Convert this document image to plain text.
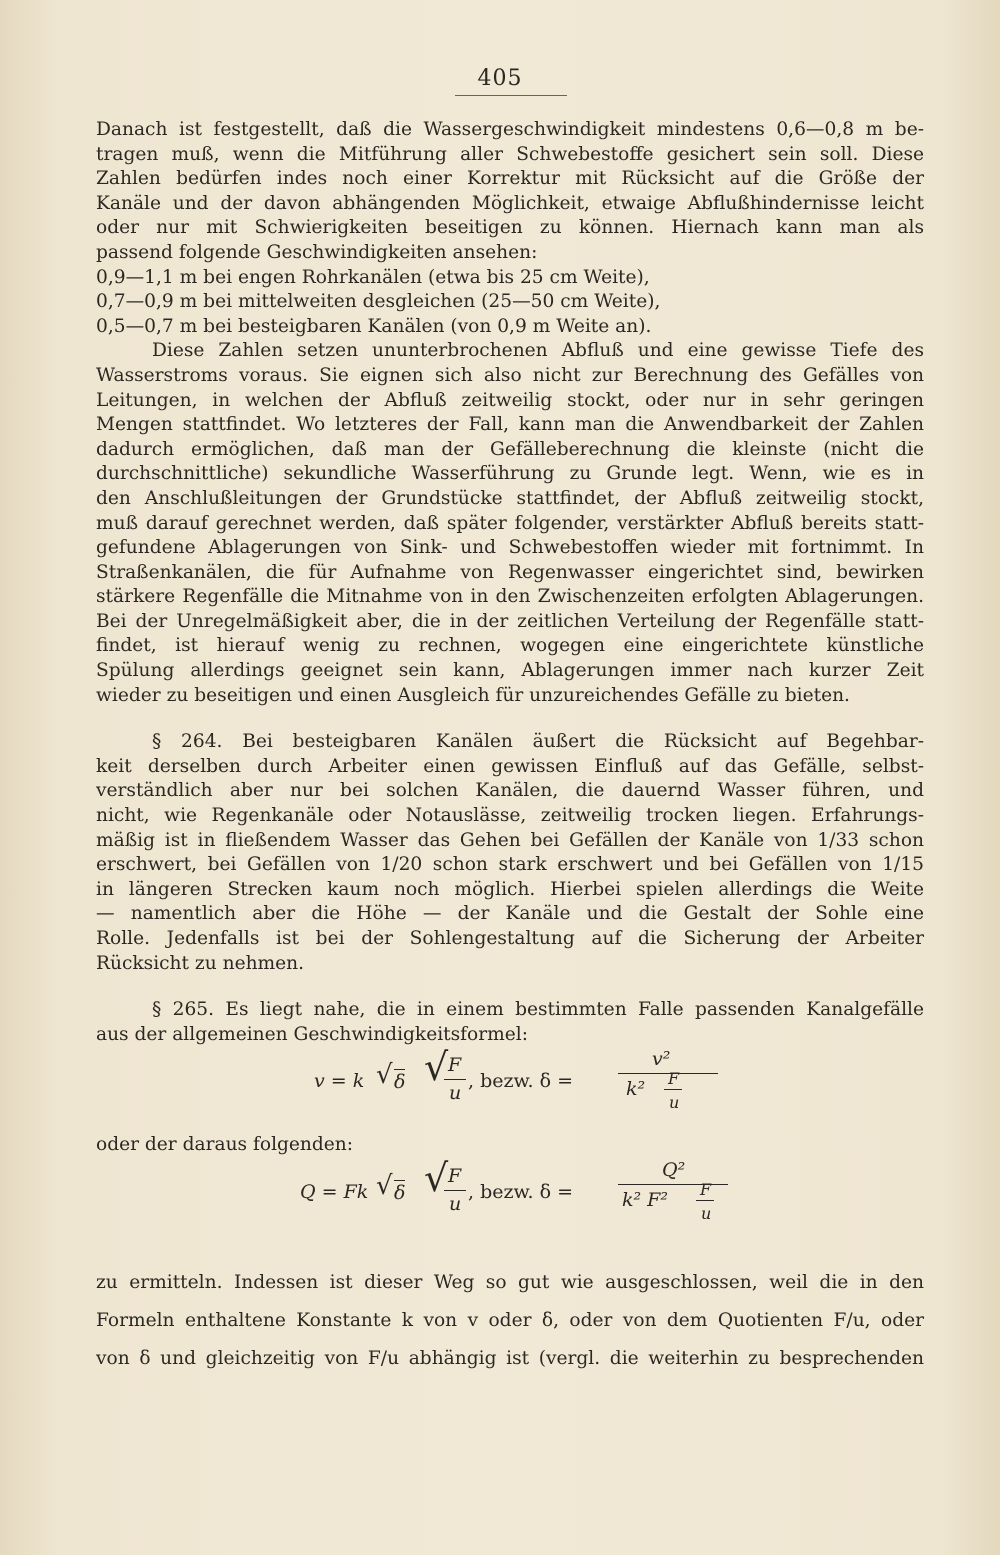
405

Danach ist festgestellt, daß die Wassergeschwindigkeit mindestens 0,6—0,8 m be-

tragen muß, wenn die Mitführung aller Schwebestoffe gesichert sein soll. Diese

Zahlen bedürfen indes noch einer Korrektur mit Rücksicht auf die Größe der

Kanäle und der davon abhängenden Möglichkeit, etwaige Abflußhindernisse leicht

oder nur mit Schwierigkeiten beseitigen zu können. Hiernach kann man als

passend folgende Geschwindigkeiten ansehen:

0,9—1,1 m bei engen Rohrkanälen (etwa bis 25 cm Weite),

0,7—0,9 m bei mittelweiten desgleichen (25—50 cm Weite),

0,5—0,7 m bei besteigbaren Kanälen (von 0,9 m Weite an).

Diese Zahlen setzen ununterbrochenen Abfluß und eine gewisse Tiefe des

Wasserstroms voraus. Sie eignen sich also nicht zur Berechnung des Gefälles von

Leitungen, in welchen der Abfluß zeitweilig stockt, oder nur in sehr geringen

Mengen stattfindet. Wo letzteres der Fall, kann man die Anwendbarkeit der Zahlen

dadurch ermöglichen, daß man der Gefälleberechnung die kleinste (nicht die

durchschnittliche) sekundliche Wasserführung zu Grunde legt. Wenn, wie es in

den Anschlußleitungen der Grundstücke stattfindet, der Abfluß zeitweilig stockt,

muß darauf gerechnet werden, daß später folgender, verstärkter Abfluß bereits statt-

gefundene Ablagerungen von Sink- und Schwebestoffen wieder mit fortnimmt. In

Straßenkanälen, die für Aufnahme von Regenwasser eingerichtet sind, bewirken

stärkere Regenfälle die Mitnahme von in den Zwischenzeiten erfolgten Ablagerungen.

Bei der Unregelmäßigkeit aber, die in der zeitlichen Verteilung der Regenfälle statt-

findet, ist hierauf wenig zu rechnen, wogegen eine eingerichtete künstliche

Spülung allerdings geeignet sein kann, Ablagerungen immer nach kurzer Zeit

wieder zu beseitigen und einen Ausgleich für unzureichendes Gefälle zu bieten.

§ 264. Bei besteigbaren Kanälen äußert die Rücksicht auf Begehbar-

keit derselben durch Arbeiter einen gewissen Einfluß auf das Gefälle, selbst-

verständlich aber nur bei solchen Kanälen, die dauernd Wasser führen, und

nicht, wie Regenkanäle oder Notauslässe, zeitweilig trocken liegen. Erfahrungs-

mäßig ist in fließendem Wasser das Gehen bei Gefällen der Kanäle von 1/33 schon

erschwert, bei Gefällen von 1/20 schon stark erschwert und bei Gefällen von 1/15

in längeren Strecken kaum noch möglich. Hierbei spielen allerdings die Weite

— namentlich aber die Höhe — der Kanäle und die Gestalt der Sohle eine

Rolle. Jedenfalls ist bei der Sohlengestaltung auf die Sicherung der Arbeiter

Rücksicht zu nehmen.

§ 265. Es liegt nahe, die in einem bestimmten Falle passenden Kanalgefälle

aus der allgemeinen Geschwindigkeitsformel:

v = k √ δ √ F
u
, bezw. δ =
v²
k² F
u

oder der daraus folgenden:

Q = Fk √ δ √ F
u
, bezw. δ =
Q²
k² F² F
u

zu ermitteln. Indessen ist dieser Weg so gut wie ausgeschlossen, weil die in den

Formeln enthaltene Konstante k von v oder δ, oder von dem Quotienten F/u, oder

von δ und gleichzeitig von F/u abhängig ist (vergl. die weiterhin zu besprechenden
